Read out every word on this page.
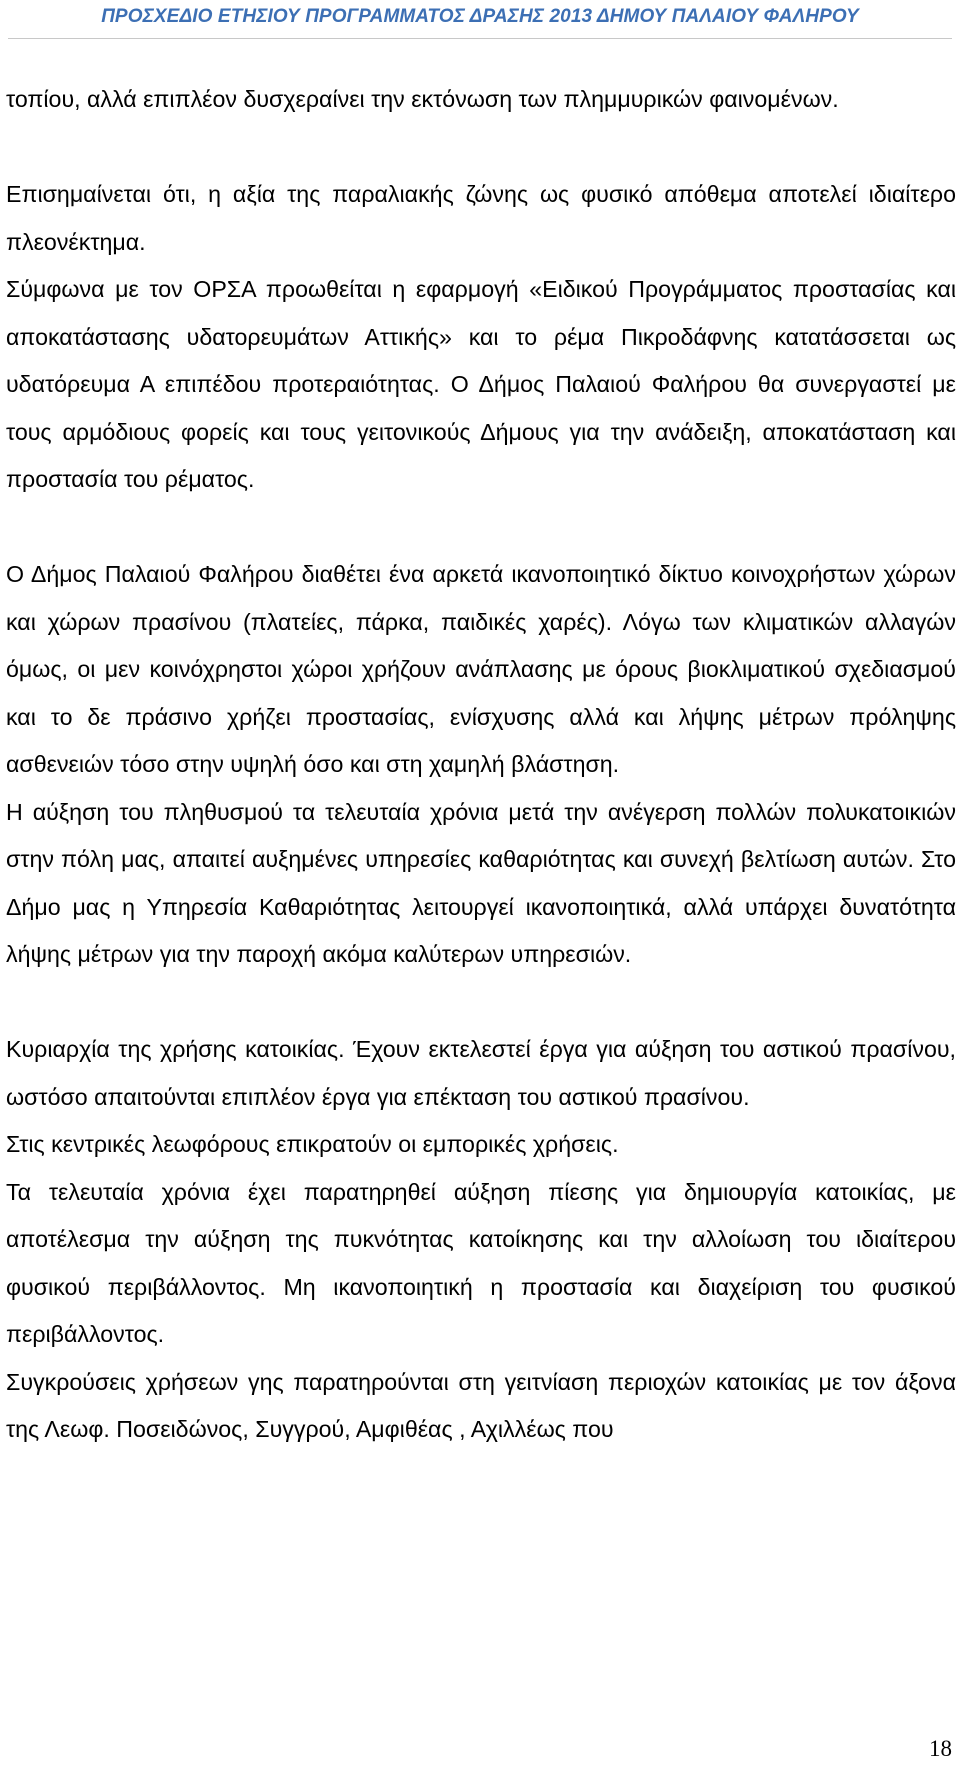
ΠΡΟΣΧΕΔΙΟ ΕΤΗΣΙΟΥ ΠΡΟΓΡΑΜΜΑΤΟΣ ΔΡΑΣΗΣ 2013 ΔΗΜΟΥ ΠΑΛΑΙΟΥ ΦΑΛΗΡΟΥ

τοπίου, αλλά επιπλέον δυσχεραίνει την εκτόνωση των πλημμυρικών φαινομένων.

Επισημαίνεται ότι, η αξία της παραλιακής ζώνης ως φυσικό απόθεμα αποτελεί ιδιαίτερο πλεονέκτημα.

Σύμφωνα με τον ΟΡΣΑ προωθείται η εφαρμογή «Ειδικού Προγράμματος προστασίας και αποκατάστασης υδατορευμάτων Αττικής» και το ρέμα Πικροδάφνης κατατάσσεται ως υδατόρευμα Α επιπέδου προτεραιότητας. Ο Δήμος Παλαιού Φαλήρου θα συνεργαστεί με τους αρμόδιους φορείς και τους γειτονικούς Δήμους για την ανάδειξη, αποκατάσταση και προστασία του ρέματος.

Ο Δήμος Παλαιού Φαλήρου διαθέτει ένα αρκετά ικανοποιητικό δίκτυο κοινοχρήστων χώρων και χώρων πρασίνου (πλατείες, πάρκα, παιδικές χαρές). Λόγω των κλιματικών αλλαγών όμως, οι μεν κοινόχρηστοι χώροι χρήζουν ανάπλασης με όρους βιοκλιματικού σχεδιασμού και το δε πράσινο χρήζει προστασίας, ενίσχυσης αλλά και λήψης μέτρων πρόληψης ασθενειών τόσο στην υψηλή όσο και στη χαμηλή βλάστηση.

Η αύξηση του πληθυσμού τα τελευταία χρόνια μετά την ανέγερση πολλών πολυκατοικιών στην πόλη μας, απαιτεί αυξημένες υπηρεσίες καθαριότητας και συνεχή βελτίωση αυτών. Στο Δήμο μας η Υπηρεσία Καθαριότητας λειτουργεί ικανοποιητικά, αλλά υπάρχει δυνατότητα λήψης μέτρων για την παροχή ακόμα καλύτερων υπηρεσιών.

Κυριαρχία της χρήσης κατοικίας. Έχουν εκτελεστεί έργα για αύξηση του αστικού πρασίνου, ωστόσο απαιτούνται επιπλέον έργα για επέκταση του αστικού πρασίνου.

Στις κεντρικές λεωφόρους επικρατούν οι εμπορικές χρήσεις.

Τα τελευταία χρόνια έχει παρατηρηθεί αύξηση πίεσης για δημιουργία κατοικίας, με αποτέλεσμα την αύξηση της πυκνότητας κατοίκησης και την αλλοίωση του ιδιαίτερου φυσικού περιβάλλοντος. Μη ικανοποιητική η προστασία και διαχείριση του φυσικού περιβάλλοντος.

Συγκρούσεις χρήσεων γης παρατηρούνται στη γειτνίαση περιοχών κατοικίας με τον άξονα της Λεωφ. Ποσειδώνος, Συγγρού, Αμφιθέας , Αχιλλέως που

18
